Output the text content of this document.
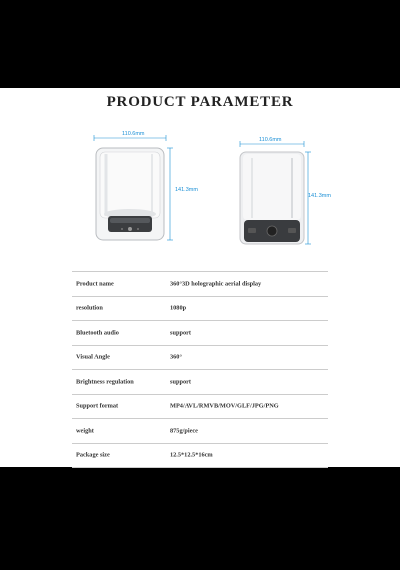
PRODUCT PARAMETER
110.6mm
141.3mm
110.6mm
141.3mm
Product name	360°3D holographic aerial display
resolution	1080p
Bluetooth audio	support
Visual Angle	360°
Brightness regulation	support
Support format	MP4/AVL/RMVB/MOV/GLF/JPG/PNG
weight	875g/piece
Package size	12.5*12.5*16cm
